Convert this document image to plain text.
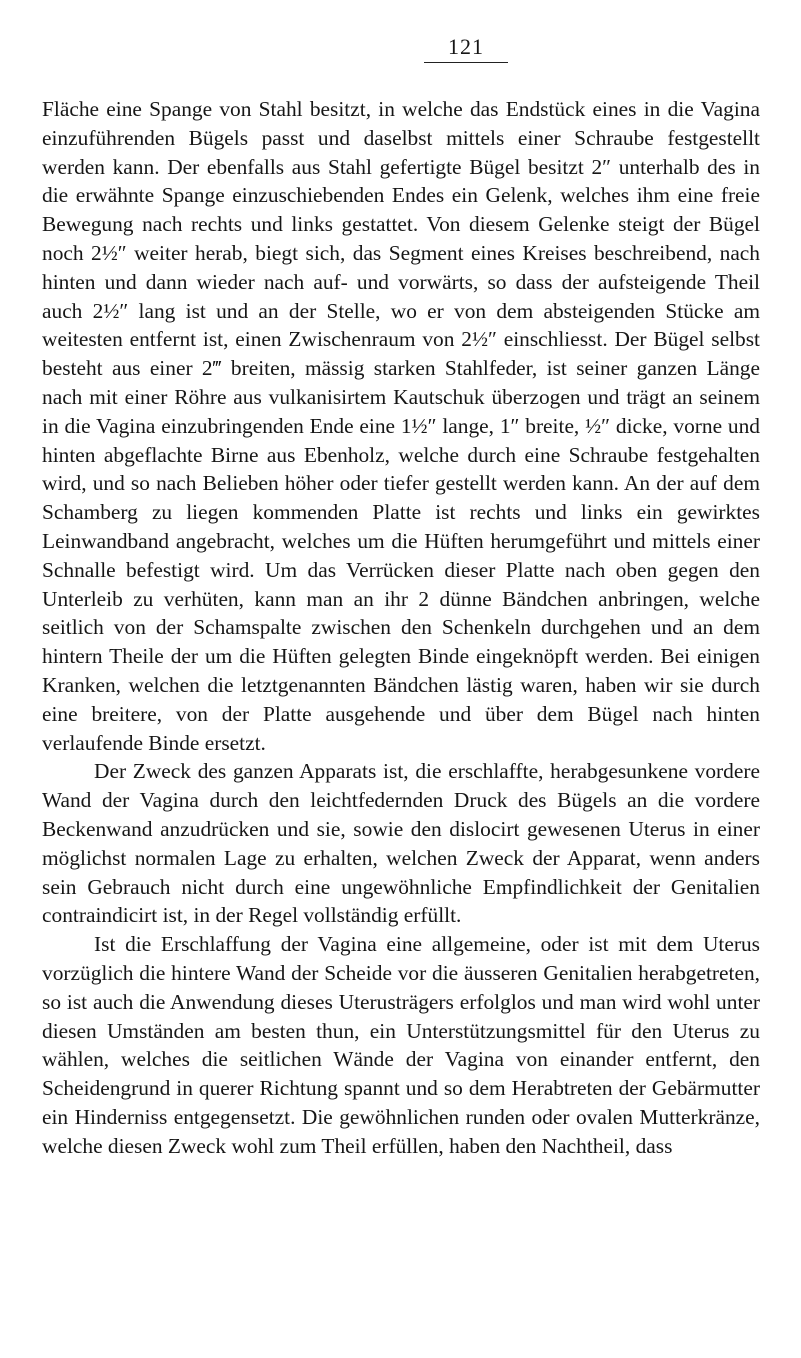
121

Fläche eine Spange von Stahl besitzt, in welche das Endstück eines in die Vagina einzuführenden Bügels passt und daselbst mittels einer Schraube festgestellt werden kann. Der ebenfalls aus Stahl gefertigte Bügel besitzt 2″ unterhalb des in die erwähnte Spange einzuschiebenden Endes ein Gelenk, welches ihm eine freie Bewegung nach rechts und links gestattet. Von diesem Gelenke steigt der Bügel noch 2½″ weiter herab, biegt sich, das Segment eines Kreises beschreibend, nach hinten und dann wieder nach auf- und vorwärts, so dass der aufsteigende Theil auch 2½″ lang ist und an der Stelle, wo er von dem absteigenden Stücke am weitesten entfernt ist, einen Zwischenraum von 2½″ einschliesst. Der Bügel selbst besteht aus einer 2‴ breiten, mässig starken Stahlfeder, ist seiner ganzen Länge nach mit einer Röhre aus vulkanisirtem Kautschuk überzogen und trägt an seinem in die Vagina einzubringenden Ende eine 1½″ lange, 1″ breite, ½″ dicke, vorne und hinten abgeflachte Birne aus Ebenholz, welche durch eine Schraube festgehalten wird, und so nach Belieben höher oder tiefer gestellt werden kann. An der auf dem Schamberg zu liegen kommenden Platte ist rechts und links ein gewirktes Leinwandband angebracht, welches um die Hüften herumgeführt und mittels einer Schnalle befestigt wird. Um das Verrücken dieser Platte nach oben gegen den Unterleib zu verhüten, kann man an ihr 2 dünne Bändchen anbringen, welche seitlich von der Schamspalte zwischen den Schenkeln durchgehen und an dem hintern Theile der um die Hüften gelegten Binde eingeknöpft werden. Bei einigen Kranken, welchen die letztgenannten Bändchen lästig waren, haben wir sie durch eine breitere, von der Platte ausgehende und über dem Bügel nach hinten verlaufende Binde ersetzt.

Der Zweck des ganzen Apparats ist, die erschlaffte, herabgesunkene vordere Wand der Vagina durch den leichtfedernden Druck des Bügels an die vordere Beckenwand anzudrücken und sie, sowie den dislocirt gewesenen Uterus in einer möglichst normalen Lage zu erhalten, welchen Zweck der Apparat, wenn anders sein Gebrauch nicht durch eine ungewöhnliche Empfindlichkeit der Genitalien contraindicirt ist, in der Regel vollständig erfüllt.

Ist die Erschlaffung der Vagina eine allgemeine, oder ist mit dem Uterus vorzüglich die hintere Wand der Scheide vor die äusseren Genitalien herabgetreten, so ist auch die Anwendung dieses Uterusträgers erfolglos und man wird wohl unter diesen Umständen am besten thun, ein Unterstützungsmittel für den Uterus zu wählen, welches die seitlichen Wände der Vagina von einander entfernt, den Scheidengrund in querer Richtung spannt und so dem Herabtreten der Gebärmutter ein Hinderniss entgegensetzt. Die gewöhnlichen runden oder ovalen Mutterkränze, welche diesen Zweck wohl zum Theil erfüllen, haben den Nachtheil, dass
